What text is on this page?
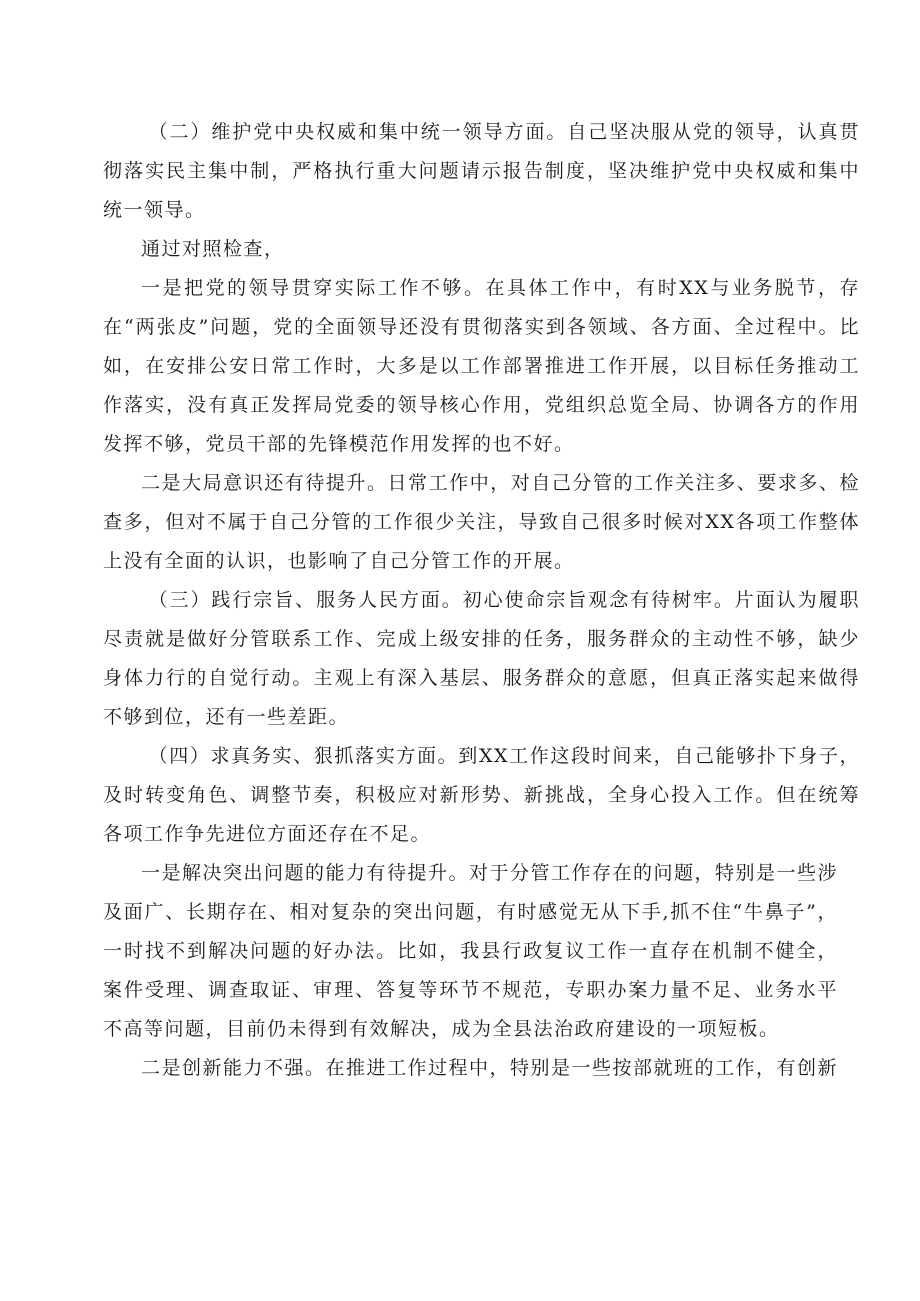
（二）维护党中央权威和集中统一领导方面。自己坚决服从党的领导，认真贯彻落实民主集中制，严格执行重大问题请示报告制度，坚决维护党中央权威和集中统一领导。

通过对照检查，

一是把党的领导贯穿实际工作不够。在具体工作中，有时XX与业务脱节，存在“两张皮”问题，党的全面领导还没有贯彻落实到各领域、各方面、全过程中。比如，在安排公安日常工作时，大多是以工作部署推进工作开展，以目标任务推动工作落实，没有真正发挥局党委的领导核心作用，党组织总览全局、协调各方的作用发挥不够，党员干部的先锋模范作用发挥的也不好。

二是大局意识还有待提升。日常工作中，对自己分管的工作关注多、要求多、检查多，但对不属于自己分管的工作很少关注，导致自己很多时候对XX各项工作整体上没有全面的认识，也影响了自己分管工作的开展。

（三）践行宗旨、服务人民方面。初心使命宗旨观念有待树牢。片面认为履职尽责就是做好分管联系工作、完成上级安排的任务，服务群众的主动性不够，缺少身体力行的自觉行动。主观上有深入基层、服务群众的意愿，但真正落实起来做得不够到位，还有一些差距。

（四）求真务实、狠抓落实方面。到XX工作这段时间来，自己能够扑下身子，及时转变角色、调整节奏，积极应对新形势、新挑战，全身心投入工作。但在统筹各项工作争先进位方面还存在不足。

一是解决突出问题的能力有待提升。对于分管工作存在的问题，特别是一些涉及面广、长期存在、相对复杂的突出问题，有时感觉无从下手,抓不住“牛鼻子”，一时找不到解决问题的好办法。比如，我县行政复议工作一直存在机制不健全，案件受理、调查取证、审理、答复等环节不规范，专职办案力量不足、业务水平不高等问题，目前仍未得到有效解决，成为全县法治政府建设的一项短板。

二是创新能力不强。在推进工作过程中，特别是一些按部就班的工作，有创新
